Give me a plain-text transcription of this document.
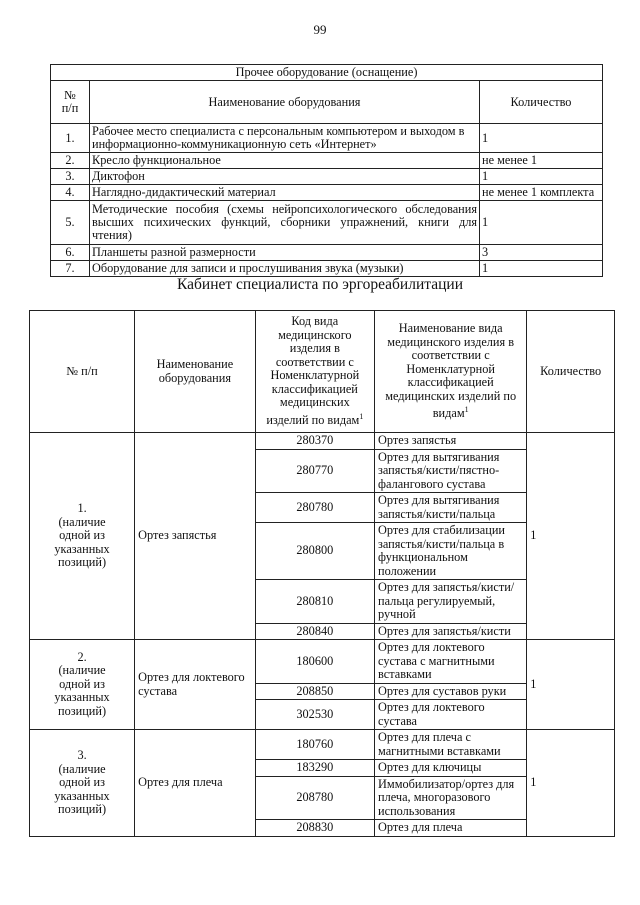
99
Прочее оборудование (оснащение)		
№
п/п	Наименование оборудования	Количество
1.	Рабочее место специалиста с персональным компьютером и выходом в информационно-коммуникационную сеть «Интернет»	1
2.	Кресло функциональное	не менее 1
3.	Диктофон	1
4.	Наглядно-дидактический материал	не менее 1 комплекта
5.	Методические пособия (схемы нейропсихологического обследования высших психических функций, сборники упражнений, книги для чтения)	1
6.	Планшеты разной размерности	3
7.	Оборудование для записи и прослушивания звука (музыки)	1
Кабинет специалиста по эргореабилитации
№ п/п	Наименование оборудования	Код вида медицинского изделия в соответствии с Номенклатурной классификацией медицинских изделий по видам$^1$	Наименование вида медицинского изделия в соответствии с Номенклатурной классификацией медицинских изделий по видам$^1$	Количество
1.
(наличие
одной из
указанных
позиций)	Ортез запястья	280370	Ортез запястья	1
		280770	Ортез для вытягивания запястья/кисти/пястно-фалангового сустава	
		280780	Ортез для вытягивания запястья/кисти/пальца	
		280800	Ортез для стабилизации запястья/кисти/пальца в функциональном положении	
		280810	Ортез для запястья/кисти/пальца регулируемый, ручной	
		280840	Ортез для запястья/кисти	
2.
(наличие
одной из
указанных
позиций)	Ортез для локтевого сустава	180600	Ортез для локтевого сустава с магнитными вставками	1
		208850	Ортез для суставов руки	
		302530	Ортез для локтевого сустава	
3.
(наличие
одной из
указанных
позиций)	Ортез для плеча	180760	Ортез для плеча с магнитными вставками	1
		183290	Ортез для ключицы	
		208780	Иммобилизатор/ортез для плеча, многоразового использования	
		208830	Ортез для плеча	
